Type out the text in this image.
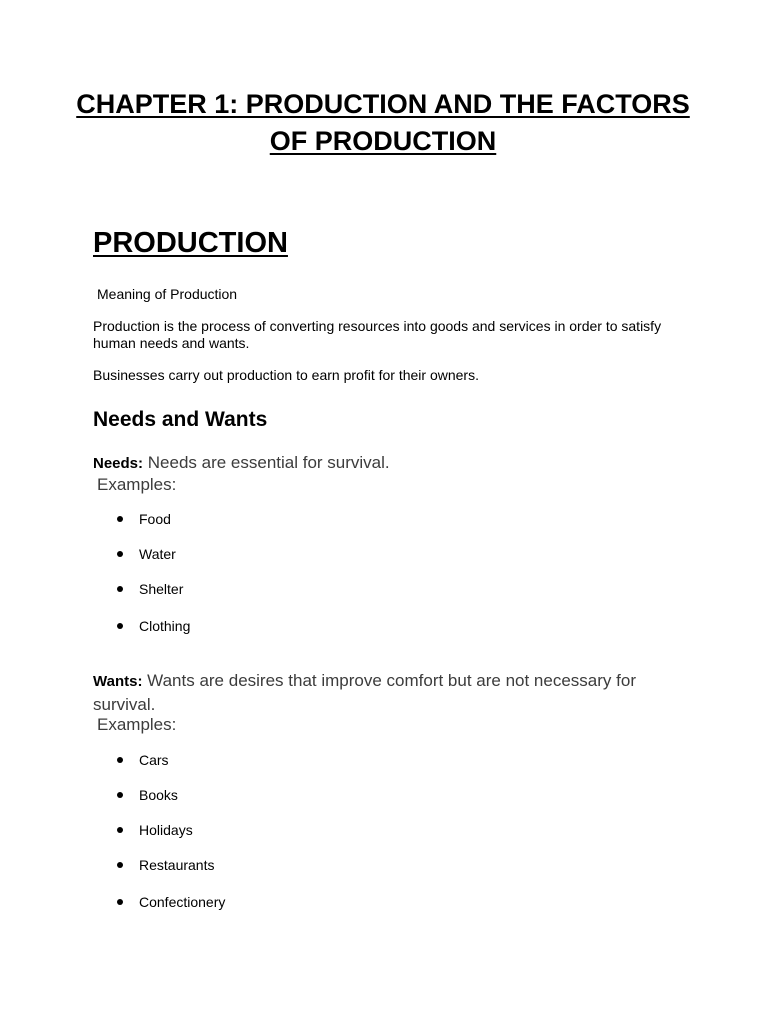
CHAPTER 1: PRODUCTION AND THE FACTORS OF PRODUCTION
PRODUCTION

Meaning of Production

Production is the process of converting resources into goods and services in order to satisfy human needs and wants.

Businesses carry out production to earn profit for their owners.

Needs and Wants

Needs: Needs are essential for survival.

Examples:

Food
Water
Shelter
Clothing

Wants: Wants are desires that improve comfort but are not necessary for survival.

Examples:

Cars
Books
Holidays
Restaurants
Confectionery
